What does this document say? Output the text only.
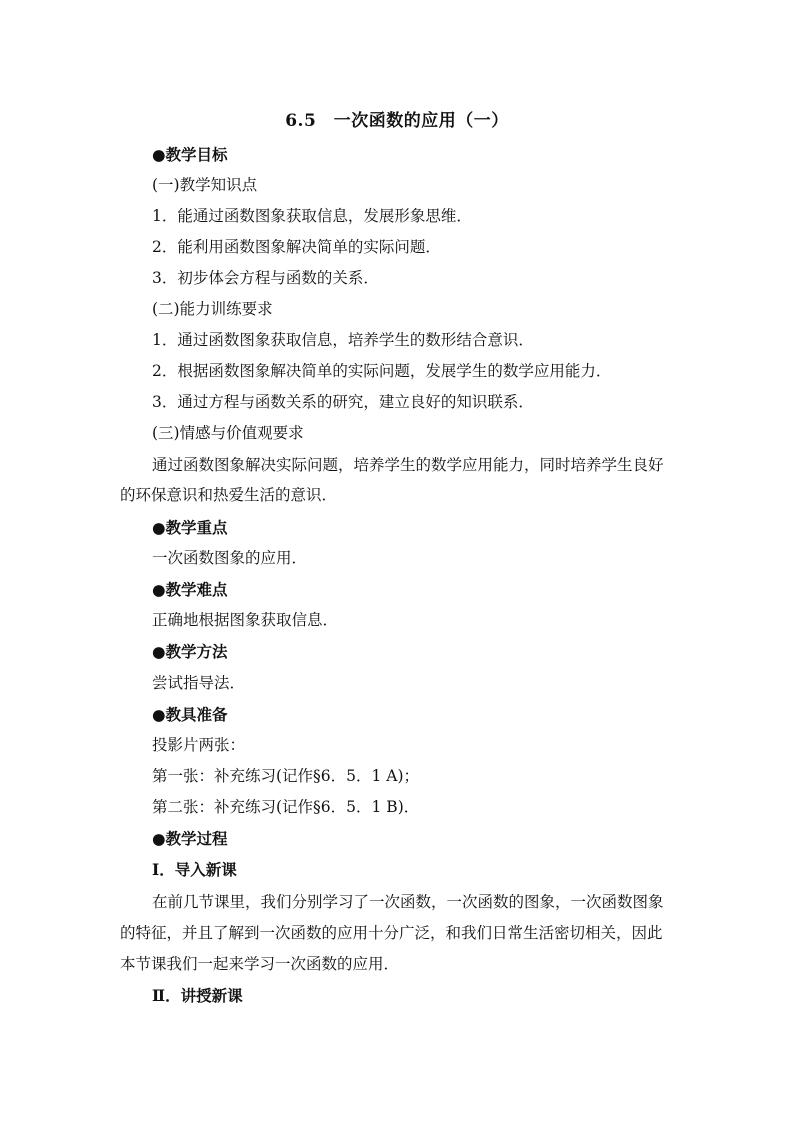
6.5　一次函数的应用（一）
●教学目标
(一)教学知识点
1．能通过函数图象获取信息，发展形象思维．
2．能利用函数图象解决简单的实际问题．
3．初步体会方程与函数的关系．
(二)能力训练要求
1．通过函数图象获取信息，培养学生的数形结合意识．
2．根据函数图象解决简单的实际问题，发展学生的数学应用能力．
3．通过方程与函数关系的研究，建立良好的知识联系．
(三)情感与价值观要求
通过函数图象解决实际问题，培养学生的数学应用能力，同时培养学生良好
的环保意识和热爱生活的意识．
●教学重点
一次函数图象的应用．
●教学难点
正确地根据图象获取信息．
●教学方法
尝试指导法．
●教具准备
投影片两张：
第一张：补充练习(记作§6．5．1 A)；
第二张：补充练习(记作§6．5．1 B)．
●教学过程
Ⅰ．导入新课
在前几节课里，我们分别学习了一次函数，一次函数的图象，一次函数图象
的特征，并且了解到一次函数的应用十分广泛，和我们日常生活密切相关，因此
本节课我们一起来学习一次函数的应用．
Ⅱ．讲授新课
